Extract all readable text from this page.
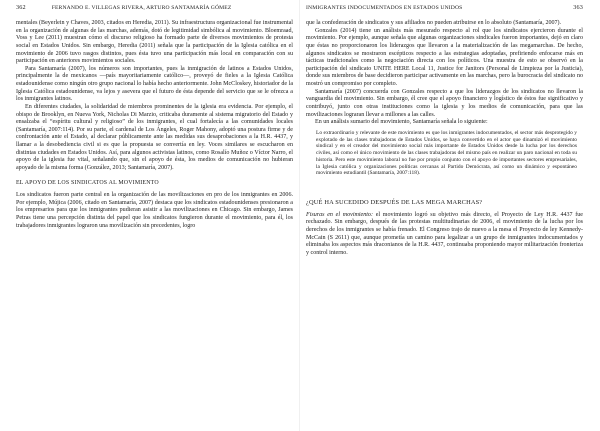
362	FERNANDO E. VILLEGAS RIVERA, ARTURO SANTAMARÍA GÓMEZ

mentales (Beyerlein y Chaves, 2003, citados en Heredia, 2011). Su infraestructura organizacional fue instrumental en la organización de algunas de las marchas, además, dotó de legitimidad simbólica al movimiento. Bloemraad, Voss y Lee (2011) muestran cómo el discurso religioso ha formado parte de diversos movimientos de protesta social en Estados Unidos. Sin embargo, Heredia (2011) señala que la participación de la Iglesia católica en el movimiento de 2006 tuvo rasgos distintos, pues ésta tuvo una participación más local en comparación con su participación en anteriores movimientos sociales.

Para Santamaría (2007), los números son importantes, pues la inmigración de latinos a Estados Unidos, principalmente la de mexicanos —país mayoritariamente católico—, proveyó de fieles a la Iglesia Católica estadounidense como ningún otro grupo nacional lo había hecho anteriormente. John McCloskey, historiador de la Iglesia Católica estadounidense, va lejos y asevera que el futuro de ésta depende del servicio que se le ofrezca a los inmigrantes latinos.

En diferentes ciudades, la solidaridad de miembros prominentes de la iglesia era evidencia. Por ejemplo, el obispo de Brooklyn, en Nueva York, Nicholas Di Marzio, criticaba duramente al sistema migratorio del Estado y ensalzaba el “espíritu cultural y religioso” de los inmigrantes, el cual fortalecía a las comunidades locales (Santamaría, 2007:114). Por su parte, el cardenal de Los Ángeles, Roger Mahony, adoptó una postura firme y de confrontación ante el Estado, al declarar públicamente ante las medidas sus desaprobaciones a la H.R. 4437, y llamar a la desobediencia civil si es que la propuesta se convertía en ley. Voces similares se escucharon en distintas ciudades en Estados Unidos. Así, para algunos activistas latinos, como Rosalío Muñoz o Víctor Narro, el apoyo de la iglesia fue vital, señalando que, sin el apoyo de ésta, los medios de comunicación no hubieran apoyado de la misma forma (González, 2013; Santamaría, 2007).

EL APOYO DE LOS SINDICATOS AL MOVIMIENTO

Los sindicatos fueron parte central en la organización de las movilizaciones en pro de los inmigrantes en 2006. Por ejemplo, Mújica (2006, citado en Santamaría, 2007) destaca que los sindicatos estadounidenses presionaron a los empresarios para que los inmigrantes pudieran asistir a las movilizaciones en Chicago. Sin embargo, James Petras tiene una percepción distinta del papel que los sindicatos fungieron durante el movimiento, para él, los trabajadores inmigrantes lograron una movilización sin precedentes, logro

INMIGRANTES INDOCUMENTADOS EN ESTADOS UNIDOS	363

que la confederación de sindicatos y sus afiliados no pueden atribuirse en lo absoluto (Santamaría, 2007).

Gonzales (2014) tiene un análisis más mesurado respecto al rol que los sindicatos ejercieron durante el movimiento. Por ejemplo, aunque señala que algunas organizaciones sindicales fueron importantes, dejó en claro que éstas no proporcionaron los liderazgos que llevaron a la materialización de las megamarchas. De hecho, algunos sindicatos se mostraron escépticos respecto a las estrategias adoptadas, prefiriendo enfocarse más en tácticas tradicionales como la negociación directa con los políticos. Una muestra de esto se observó en la participación del sindicato UNITE HERE Local 11, Justice for Janitors (Personal de Limpieza por la Justicia), donde sus miembros de base decidieron participar activamente en las marchas, pero la burocracia del sindicato no mostró un compromiso por completo.

Santamaría (2007) concuerda con Gonzales respecto a que los liderazgos de los sindicatos no llevaron la vanguardia del movimiento. Sin embargo, él cree que el apoyo financiero y logístico de éstos fue significativo y contribuyó, junto con otras instituciones como la iglesia y los medios de comunicación, para que las movilizaciones lograran llevar a millones a las calles.

En un análisis sumario del movimiento, Santamaría señala lo siguiente:

Lo extraordinario y relevante de este movimiento es que los inmigrantes indocumentados, el sector más desprotegido y explotado de las clases trabajadoras de Estados Unidos, se haya convertido en el actor que dinamizó el movimiento sindical y en el creador del movimiento social más importante de Estados Unidos desde la lucha por los derechos civiles, así como el único movimiento de las clases trabajadoras del mismo país en realizar un paro nacional en toda su historia. Pero este movimiento laboral no fue por propio conjunto con el apoyo de importantes sectores empresariales, la Iglesia católica y organizaciones políticas cercanas al Partido Demócrata, así como un dinámico y espontáneo movimiento estudiantil (Santamaría, 2007:118).

¿QUÉ HA SUCEDIDO DESPUÉS DE LAS MEGA MARCHAS?

Fisuras en el movimiento: el movimiento logró su objetivo más directo, el Proyecto de Ley H.R. 4437 fue rechazado. Sin embargo, después de las protestas multitudinarias de 2006, el movimiento de la lucha por los derechos de los inmigrantes se había frenado. El Congreso trajo de nuevo a la mesa el Proyecto de ley Kennedy-McCain (S 2611) que, aunque prometía un camino para legalizar a un grupo de inmigrantes indocumentados y eliminaba los aspectos más draconianos de la H.R. 4437, continuaba proponiendo mayor militarización fronteriza y control interno.
